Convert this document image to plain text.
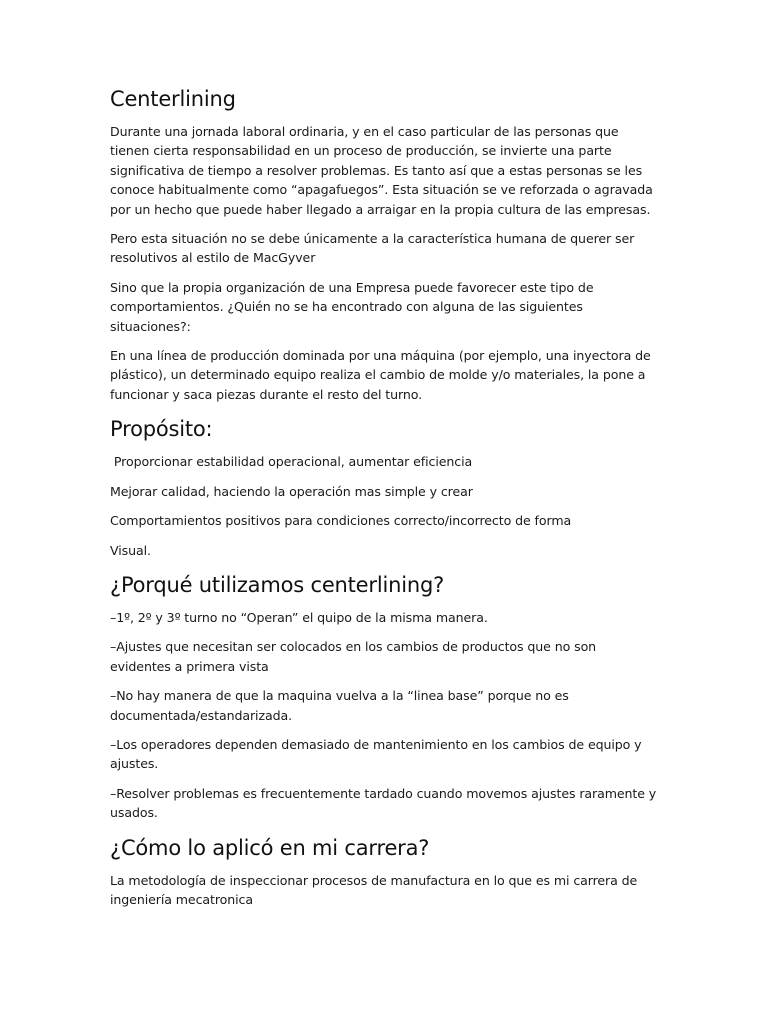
Centerlining

Durante una jornada laboral ordinaria, y en el caso particular de las personas que tienen cierta responsabilidad en un proceso de producción, se invierte una parte significativa de tiempo a resolver problemas. Es tanto así que a estas personas se les conoce habitualmente como “apagafuegos”. Esta situación se ve reforzada o agravada por un hecho que puede haber llegado a arraigar en la propia cultura de las empresas.

Pero esta situación no se debe únicamente a la característica humana de querer ser resolutivos al estilo de MacGyver

Sino que la propia organización de una Empresa puede favorecer este tipo de comportamientos. ¿Quién no se ha encontrado con alguna de las siguientes situaciones?:

En una línea de producción dominada por una máquina (por ejemplo, una inyectora de plástico), un determinado equipo realiza el cambio de molde y/o materiales, la pone a funcionar y saca piezas durante el resto del turno.

Propósito:

Proporcionar estabilidad operacional, aumentar eficiencia

Mejorar calidad, haciendo la operación mas simple y crear

Comportamientos positivos para condiciones correcto/incorrecto de forma

Visual.

¿Porqué utilizamos centerlining?

–1º, 2º y 3º turno no “Operan” el quipo de la misma manera.

–Ajustes que necesitan ser colocados en los cambios de productos que no son evidentes a primera vista

–No hay manera de que la maquina vuelva a la “linea base” porque no es documentada/estandarizada.

–Los operadores dependen demasiado de mantenimiento en los cambios de equipo y ajustes.

–Resolver problemas es frecuentemente tardado cuando movemos ajustes raramente y usados.

¿Cómo lo aplicó en mi carrera?

La metodología de inspeccionar procesos de manufactura en lo que es mi carrera de ingeniería mecatronica
